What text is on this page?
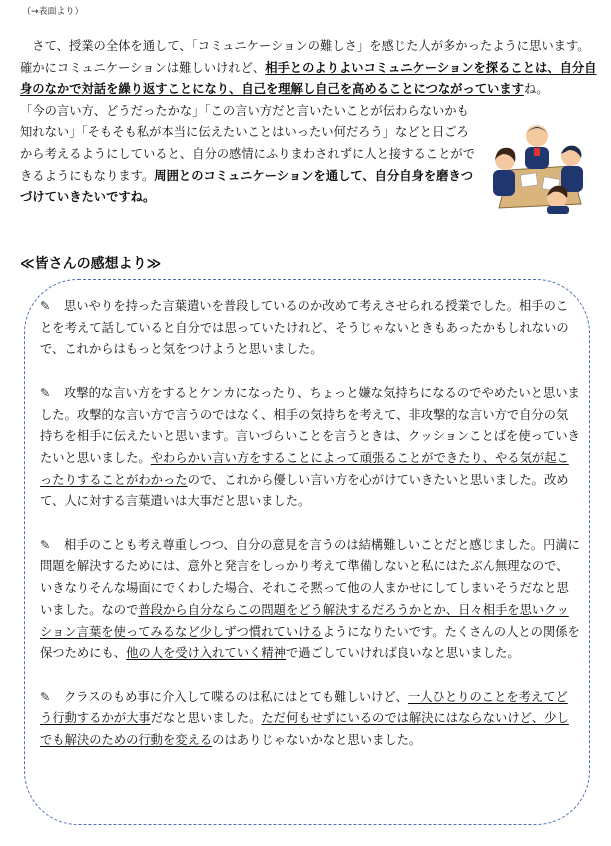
（→表面より）

　さて、授業の全体を通して、「コミュニケーションの難しさ」を感じた人が多かったように思います。確かにコミュニケーションは難しいけれど、相手とのよりよいコミュニケーションを探ることは、自分自身のなかで対話を繰り返すことになり、自己を理解し自己を高めることにつながっていますね。

「今の言い方、どうだったかな」「この言い方だと言いたいことが伝わらないかも知れない」「そもそも私が本当に伝えたいことはいったい何だろう」などと日ごろから考えるようにしていると、自分の感情にふりまわされずに人と接することができるようにもなります。周囲とのコミュニケーションを通して、自分自身を磨きつづけていきたいですね。

≪皆さんの感想より≫

✎ 思いやりを持った言葉遣いを普段しているのか改めて考えさせられる授業でした。相手のことを考えて話していると自分では思っていたけれど、そうじゃないときもあったかもしれないので、これからはもっと気をつけようと思いました。

✎ 攻撃的な言い方をするとケンカになったり、ちょっと嫌な気持ちになるのでやめたいと思いました。攻撃的な言い方で言うのではなく、相手の気持ちを考えて、非攻撃的な言い方で自分の気持ちを相手に伝えたいと思います。言いづらいことを言うときは、クッションことばを使っていきたいと思いました。やわらかい言い方をすることによって頑張ることができたり、やる気が起こったりすることがわかったので、これから優しい言い方を心がけていきたいと思いました。改めて、人に対する言葉遣いは大事だと思いました。

✎ 相手のことも考え尊重しつつ、自分の意見を言うのは結構難しいことだと感じました。円満に問題を解決するためには、意外と発言をしっかり考えて準備しないと私にはたぶん無理なので、いきなりそんな場面にでくわした場合、それこそ黙って他の人まかせにしてしまいそうだなと思いました。なので普段から自分ならこの問題をどう解決するだろうかとか、日々相手を思いクッション言葉を使ってみるなど少しずつ慣れていけるようになりたいです。たくさんの人との関係を保つためにも、他の人を受け入れていく精神で過ごしていければ良いなと思いました。

✎ クラスのもめ事に介入して喋るのは私にはとても難しいけど、一人ひとりのことを考えてどう行動するかが大事だなと思いました。ただ何もせずにいるのでは解決にはならないけど、少しでも解決のための行動を変えるのはありじゃないかなと思いました。
